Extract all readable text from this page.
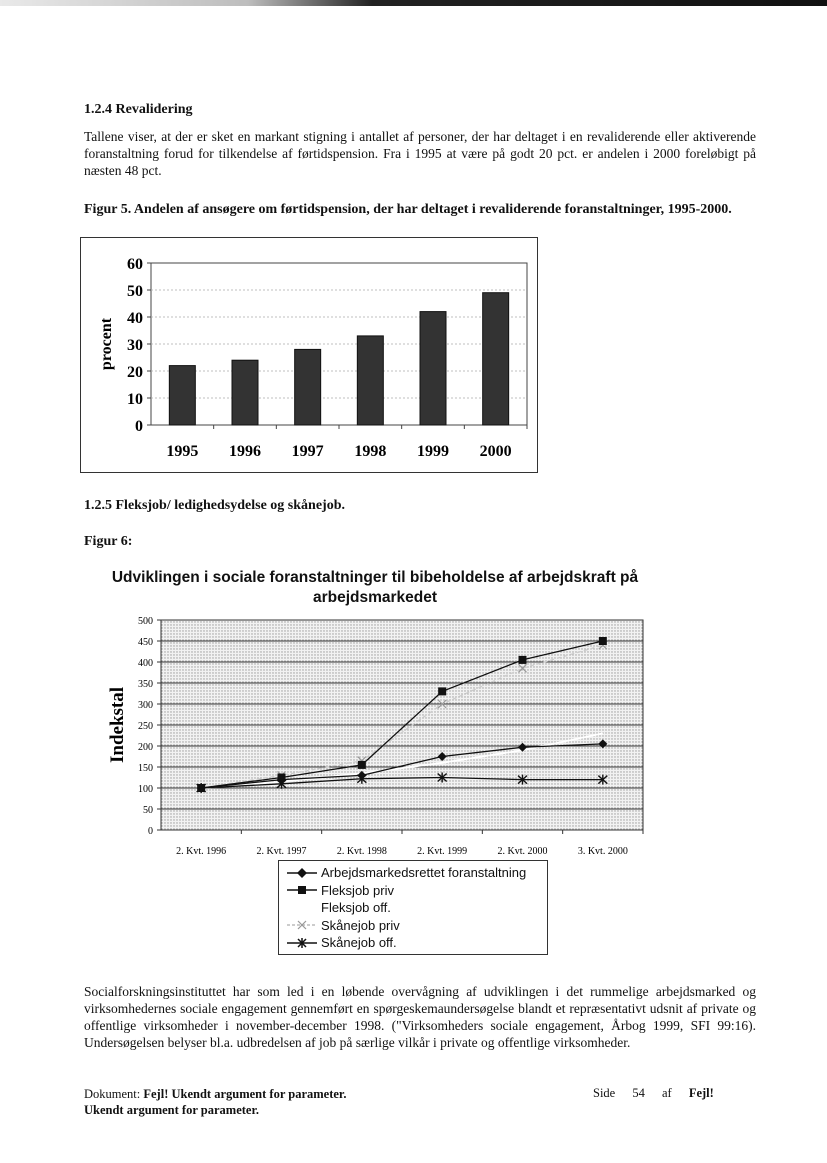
1.2.4 Revalidering

Tallene viser, at der er sket en markant stigning i antallet af personer, der har deltaget i en revaliderende eller aktiverende foranstaltning forud for tilkendelse af førtidspension. Fra i 1995 at være på godt 20 pct. er andelen i 2000 foreløbigt på næsten 48 pct.

Figur 5. Andelen af ansøgere om førtidspension, der har deltaget i revaliderende foranstaltninger, 1995-2000.

0
10
20
30
40
50
60
procent
1995 1996 1997 1998 1999 2000
1.2.5 Fleksjob/ ledighedsydelse og skånejob.
Figur 6:
Udviklingen i sociale foranstaltninger til bibeholdelse af arbejdskraft på arbejdsmarkedet
0
50
100
150
200
250
300
350
400
450
500
Indekstal
2. Kvt. 1996	2. Kvt. 1997	2. Kvt. 1998	2. Kvt. 1999	2. Kvt. 2000	3. Kvt. 2000
Arbejdsmarkedsrettet foranstaltning
Fleksjob priv
Fleksjob off.
Skånejob priv
Skånejob off.

Socialforskningsinstituttet har som led i en løbende overvågning af udviklingen i det rummelige arbejdsmarked og virksomhedernes sociale engagement gennemført en spørgeskemaundersøgelse blandt et repræsentativt udsnit af private og offentlige virksomheder i november-december 1998. ("Virksomheders sociale engagement, Årbog 1999, SFI 99:16). Undersøgelsen belyser bl.a. udbredelsen af job på særlige vilkår i private og offentlige virksomheder.

Dokument: Fejl! Ukendt argument for parameter.
Ukendt argument for parameter.
Side 54 af Fejl!
